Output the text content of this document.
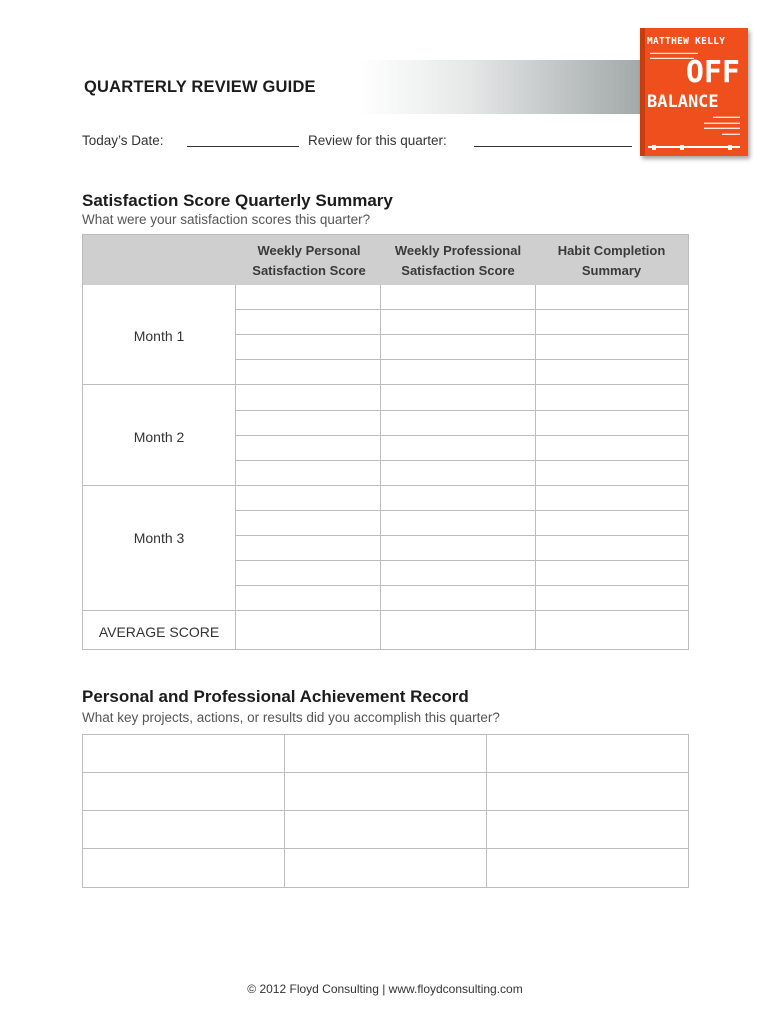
QUARTERLY REVIEW GUIDE
Today’s Date:	Review for this quarter:
MATTHEW KELLY
▬▬▬▬▬▬▬▬▬▬▬▬
▬▬▬▬▬▬▬▬▬▬▬
OFF
BALANCE
▬▬▬▬▬▬
▬▬▬▬▬▬▬▬
▬▬▬▬▬▬▬▬
▬▬▬▬
Satisfaction Score Quarterly Summary
What were your satisfaction scores this quarter?
Weekly Personal
Satisfaction Score
Weekly Professional
Satisfaction Score
Habit Completion
Summary
Month 1
Month 2
Month 3
AVERAGE SCORE
Personal and Professional Achievement Record
What key projects, actions, or results did you accomplish this quarter?
© 2012 Floyd Consulting | www.floydconsulting.com
